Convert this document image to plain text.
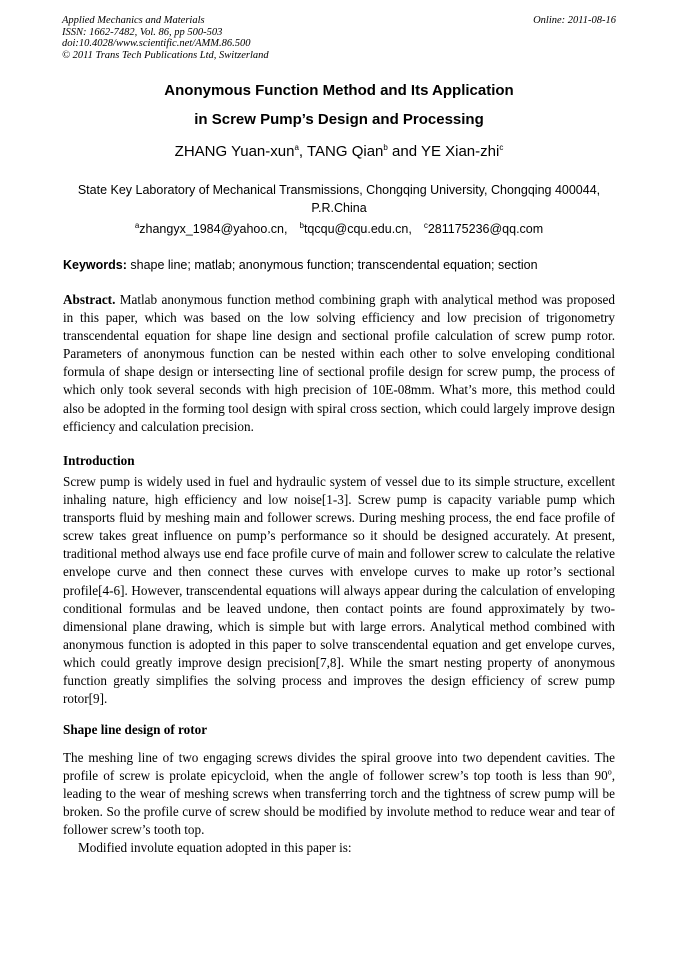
Applied Mechanics and Materials
ISSN: 1662-7482, Vol. 86, pp 500-503
doi:10.4028/www.scientific.net/AMM.86.500
© 2011 Trans Tech Publications Ltd, Switzerland
Online: 2011-08-16
Anonymous Function Method and Its Application
in Screw Pump’s Design and Processing
ZHANG Yuan-xun$^a$, TANG Qian$^b$ and YE Xian-zhi$^c$
State Key Laboratory of Mechanical Transmissions, Chongqing University, Chongqing 400044,
P.R.China
$^a$zhangyx_1984@yahoo.cn, $^b$tqcqu@cqu.edu.cn, $^c$281175236@qq.com
Keywords: shape line; matlab; anonymous function; transcendental equation; section
Abstract. Matlab anonymous function method combining graph with analytical method was proposed in this paper, which was based on the low solving efficiency and low precision of trigonometry transcendental equation for shape line design and sectional profile calculation of screw pump rotor. Parameters of anonymous function can be nested within each other to solve enveloping conditional formula of shape design or intersecting line of sectional profile design for screw pump, the process of which only took several seconds with high precision of 10E-08mm. What’s more, this method could also be adopted in the forming tool design with spiral cross section, which could largely improve design efficiency and calculation precision.
Introduction
Screw pump is widely used in fuel and hydraulic system of vessel due to its simple structure, excellent inhaling nature, high efficiency and low noise[1-3]. Screw pump is capacity variable pump which transports fluid by meshing main and follower screws. During meshing process, the end face profile of screw takes great influence on pump’s performance so it should be designed accurately. At present, traditional method always use end face profile curve of main and follower screw to calculate the relative envelope curve and then connect these curves with envelope curves to make up rotor’s sectional profile[4-6]. However, transcendental equations will always appear during the calculation of enveloping conditional formulas and be leaved undone, then contact points are found approximately by two-dimensional plane drawing, which is simple but with large errors. Analytical method combined with anonymous function is adopted in this paper to solve transcendental equation and get envelope curves, which could greatly improve design precision[7,8]. While the smart nesting property of anonymous function greatly simplifies the solving process and improves the design efficiency of screw pump rotor[9].
Shape line design of rotor
The meshing line of two engaging screws divides the spiral groove into two dependent cavities. The profile of screw is prolate epicycloid, when the angle of follower screw’s top tooth is less than 90$^o$, leading to the wear of meshing screws when transferring torch and the tightness of screw pump will be broken. So the profile curve of screw should be modified by involute method to reduce wear and tear of follower screw’s tooth top.
Modified involute equation adopted in this paper is:
